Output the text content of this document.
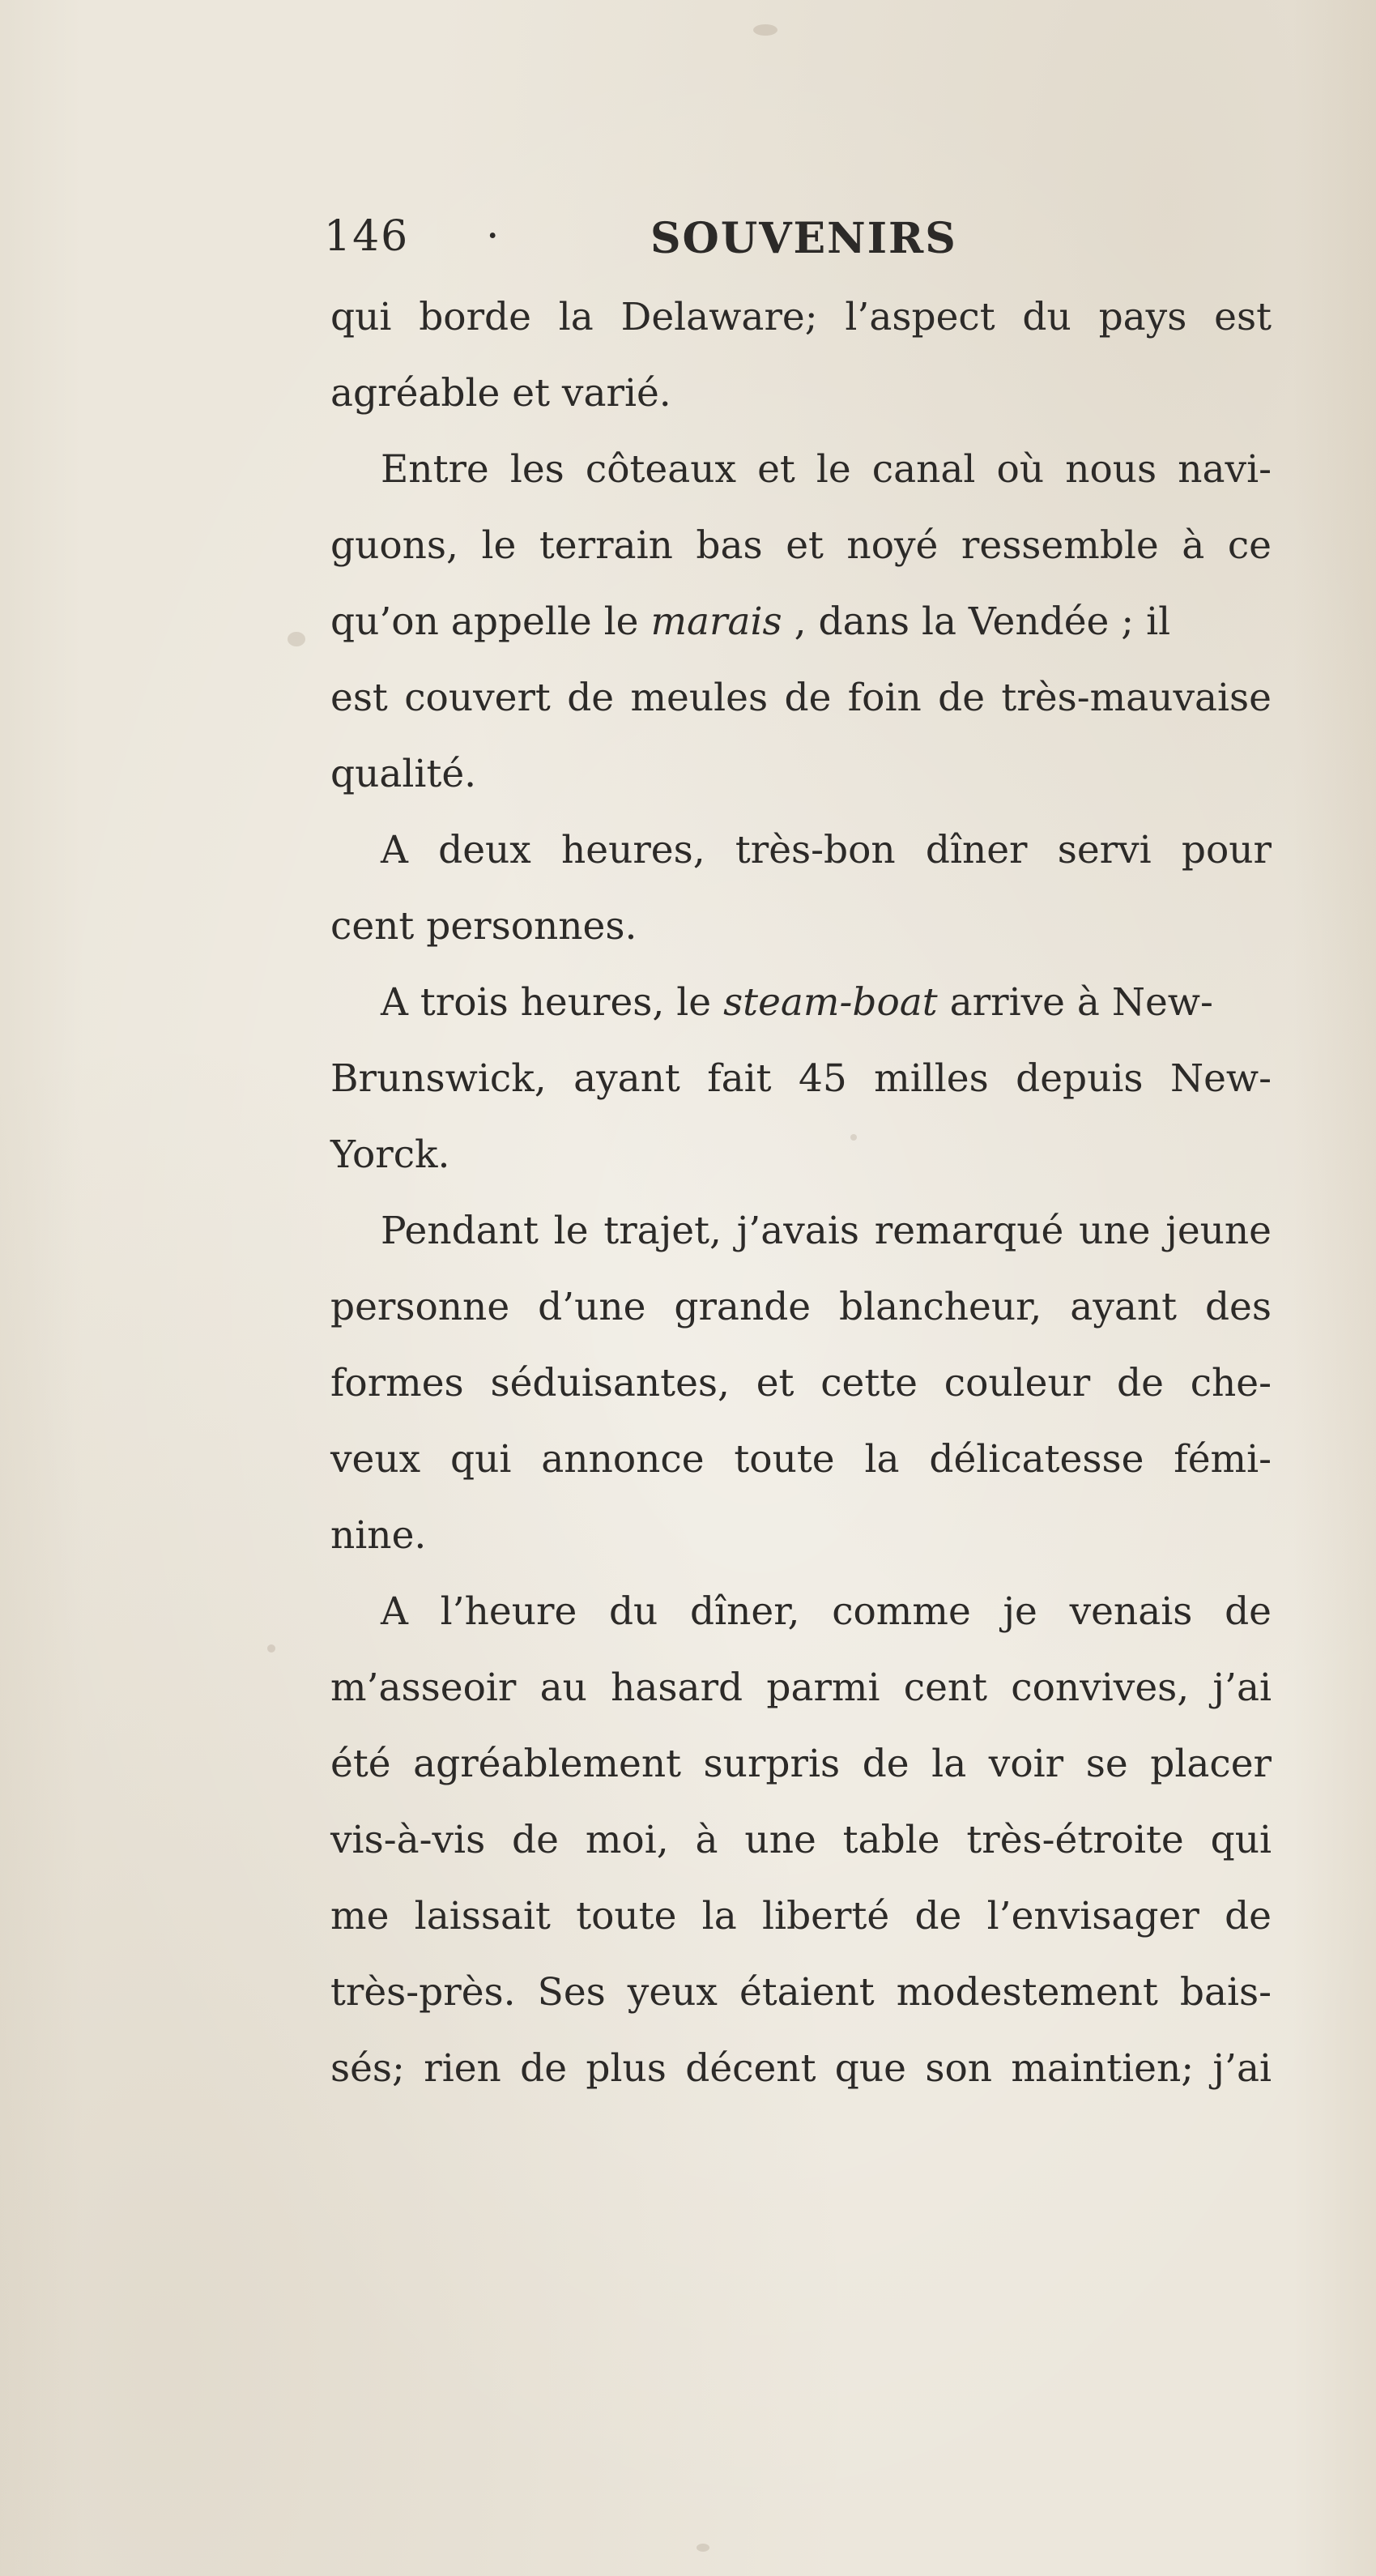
146 ·	SOUVENIRS
qui borde la Delaware; l’aspect du pays est
agréable et varié.
Entre les côteaux et le canal où nous navi-
guons, le terrain bas et noyé ressemble à ce
qu’on appelle le marais , dans la Vendée ; il
est couvert de meules de foin de très-mauvaise
qualité.
A deux heures, très-bon dîner servi pour
cent personnes.
A trois heures, le steam-boat arrive à New-
Brunswick, ayant fait 45 milles depuis New-
Yorck.
Pendant le trajet, j’avais remarqué une jeune
personne d’une grande blancheur, ayant des
formes séduisantes, et cette couleur de che-
veux qui annonce toute la délicatesse fémi-
nine.
A l’heure du dîner, comme je venais de
m’asseoir au hasard parmi cent convives, j’ai
été agréablement surpris de la voir se placer
vis-à-vis de moi, à une table très-étroite qui
me laissait toute la liberté de l’envisager de
très-près. Ses yeux étaient modestement bais-
sés; rien de plus décent que son maintien; j’ai
